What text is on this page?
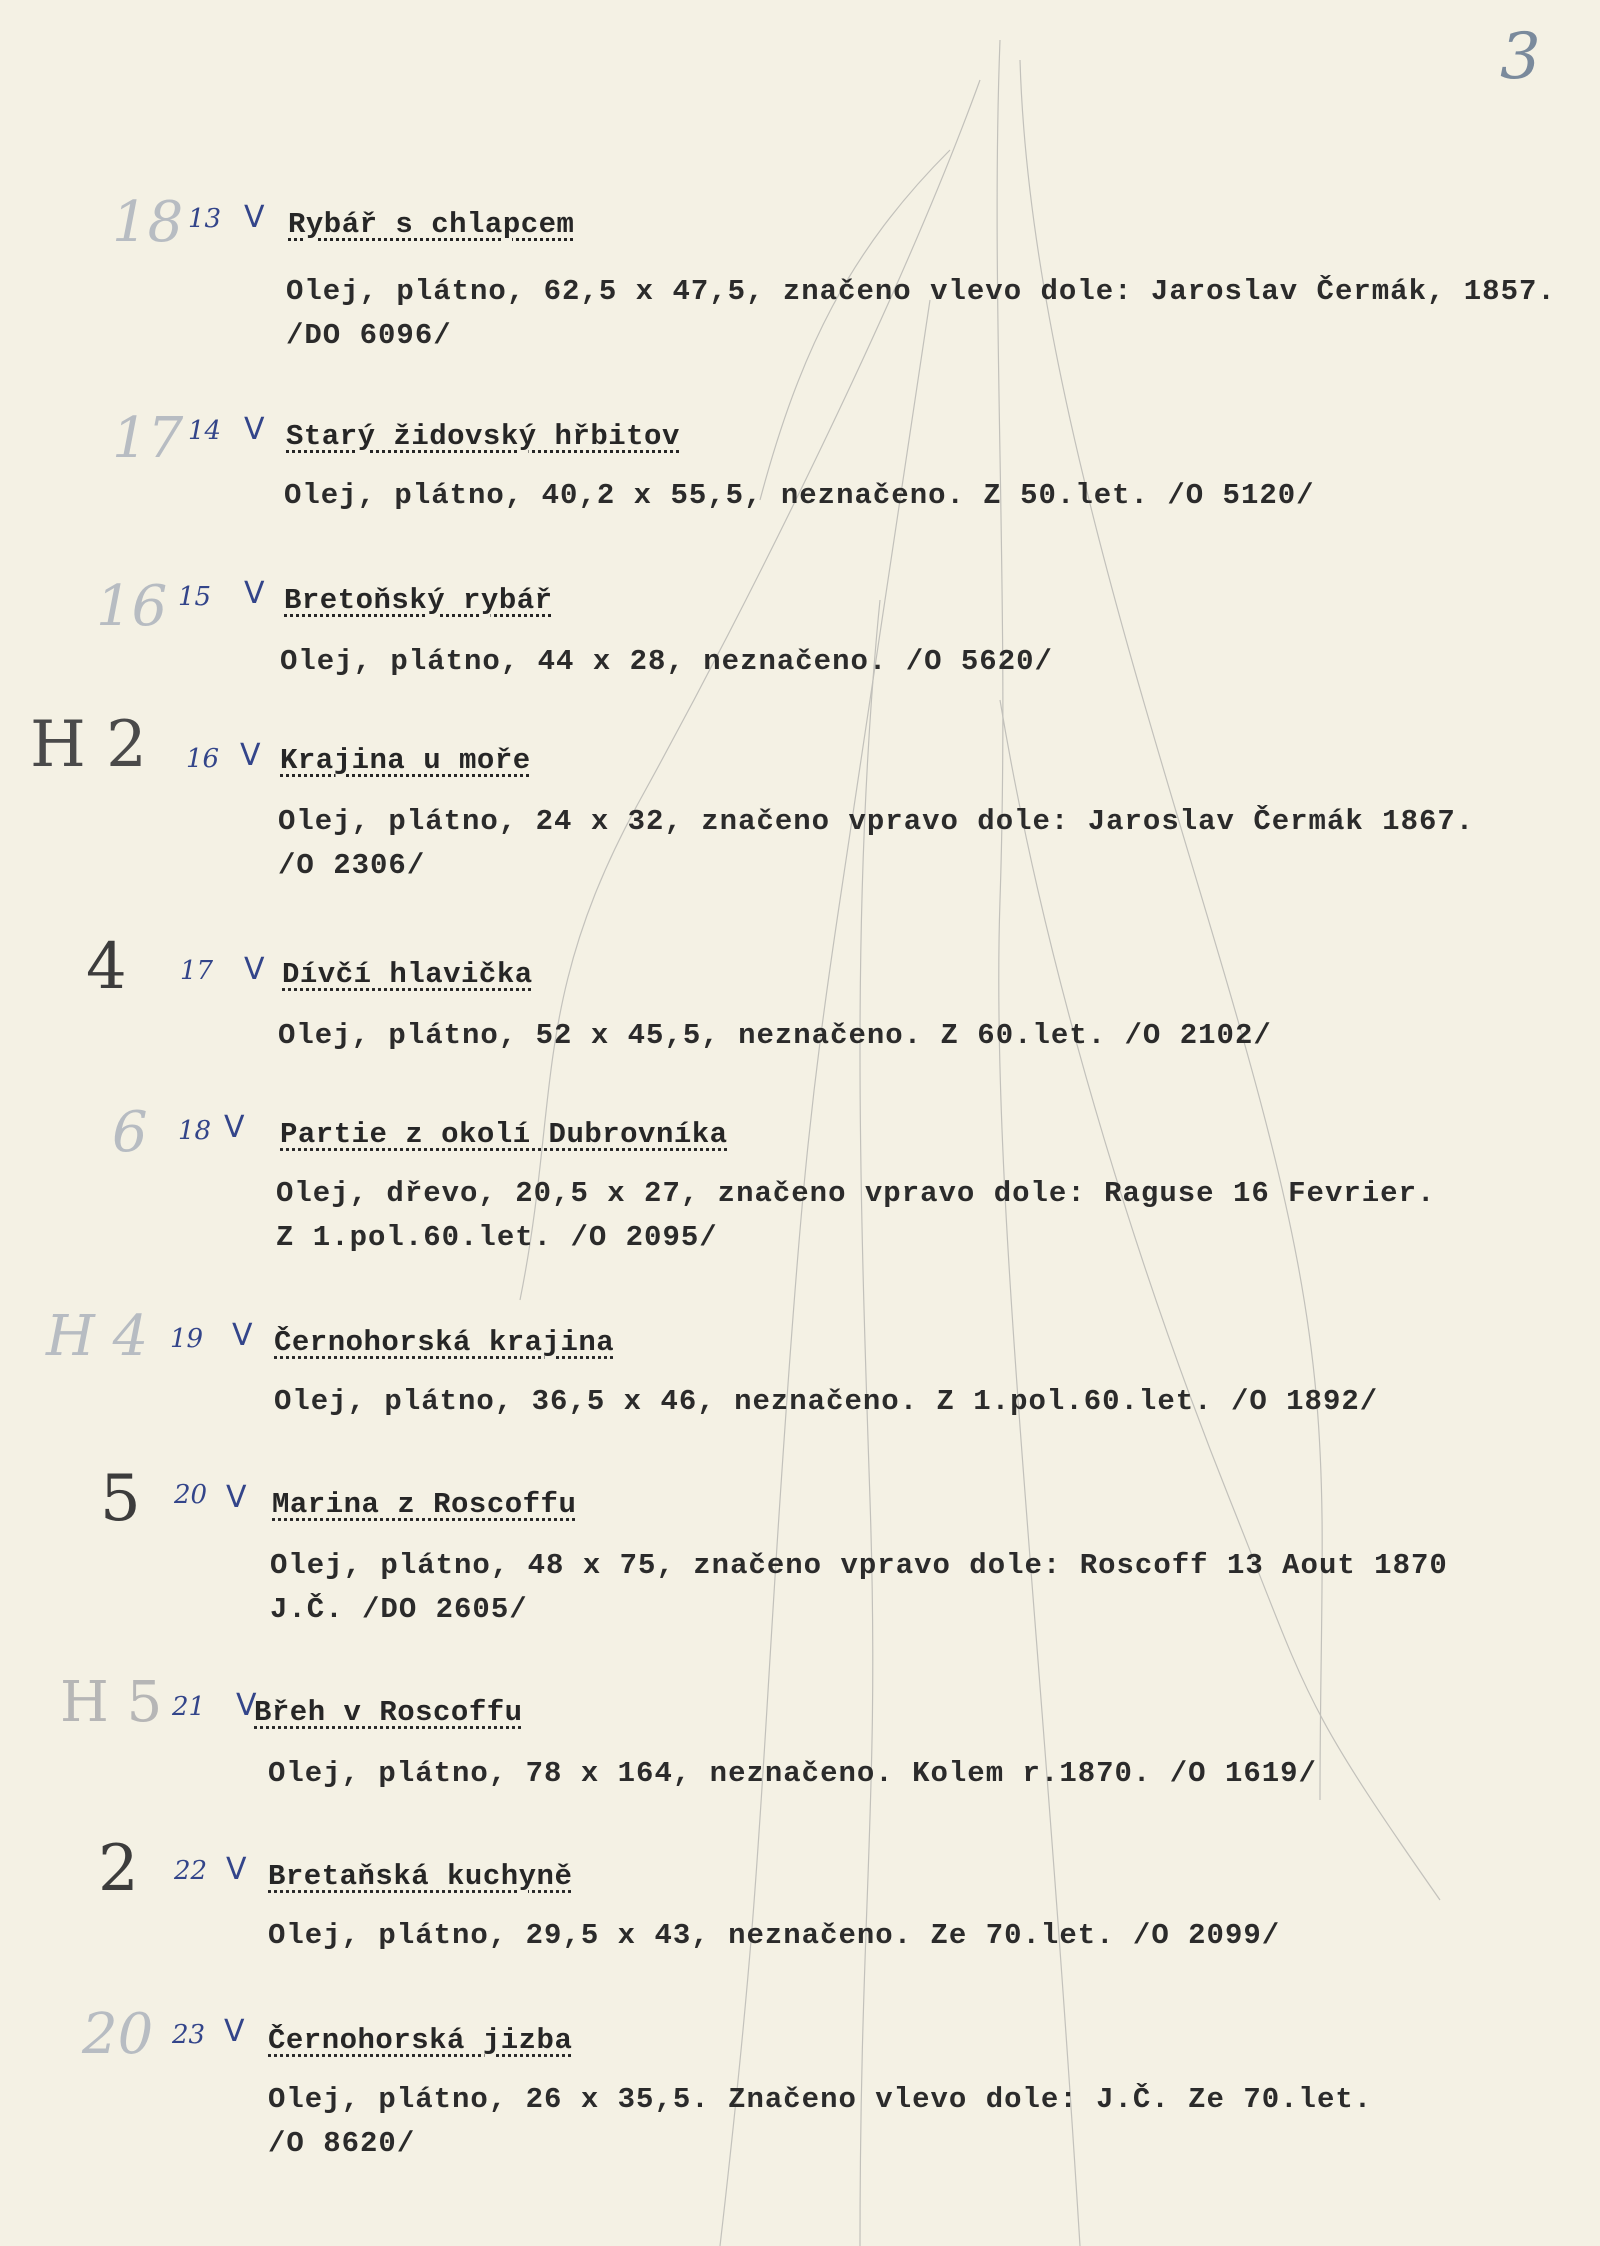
3
18 13 V Rybář s chlapcem
Olej, plátno, 62,5 x 47,5, značeno vlevo dole: Jaroslav Čermák, 1857. /DO 6096/
17 14 V Starý židovský hřbitov
Olej, plátno, 40,2 x 55,5, neznačeno. Z 50.let. /O 5120/
16 15 V Bretoňský rybář
Olej, plátno, 44 x 28, neznačeno. /O 5620/
H 2 16 V Krajina u moře
Olej, plátno, 24 x 32, značeno vpravo dole: Jaroslav Čermák 1867.
/O 2306/
4 17 V Dívčí hlavička
Olej, plátno, 52 x 45,5, neznačeno. Z 60.let. /O 2102/
6 18 V Partie z okolí Dubrovníka
Olej, dřevo, 20,5 x 27, značeno vpravo dole: Raguse 16 Fevrier.
Z 1.pol.60.let. /O 2095/
H 4 19 V Černohorská krajina
Olej, plátno, 36,5 x 46, neznačeno. Z 1.pol.60.let. /O 1892/
5 20 V Marina z Roscoffu
Olej, plátno, 48 x 75, značeno vpravo dole: Roscoff 13 Aout 1870
J.Č. /DO 2605/
H 5 21 V
Břeh v Roscoffu
Olej, plátno, 78 x 164, neznačeno. Kolem r.1870. /O 1619/
2 22 V Bretaňská kuchyně
Olej, plátno, 29,5 x 43, neznačeno. Ze 70.let. /O 2099/
20 23 V Černohorská jizba
Olej, plátno, 26 x 35,5. Značeno vlevo dole: J.Č. Ze 70.let.
/O 8620/
